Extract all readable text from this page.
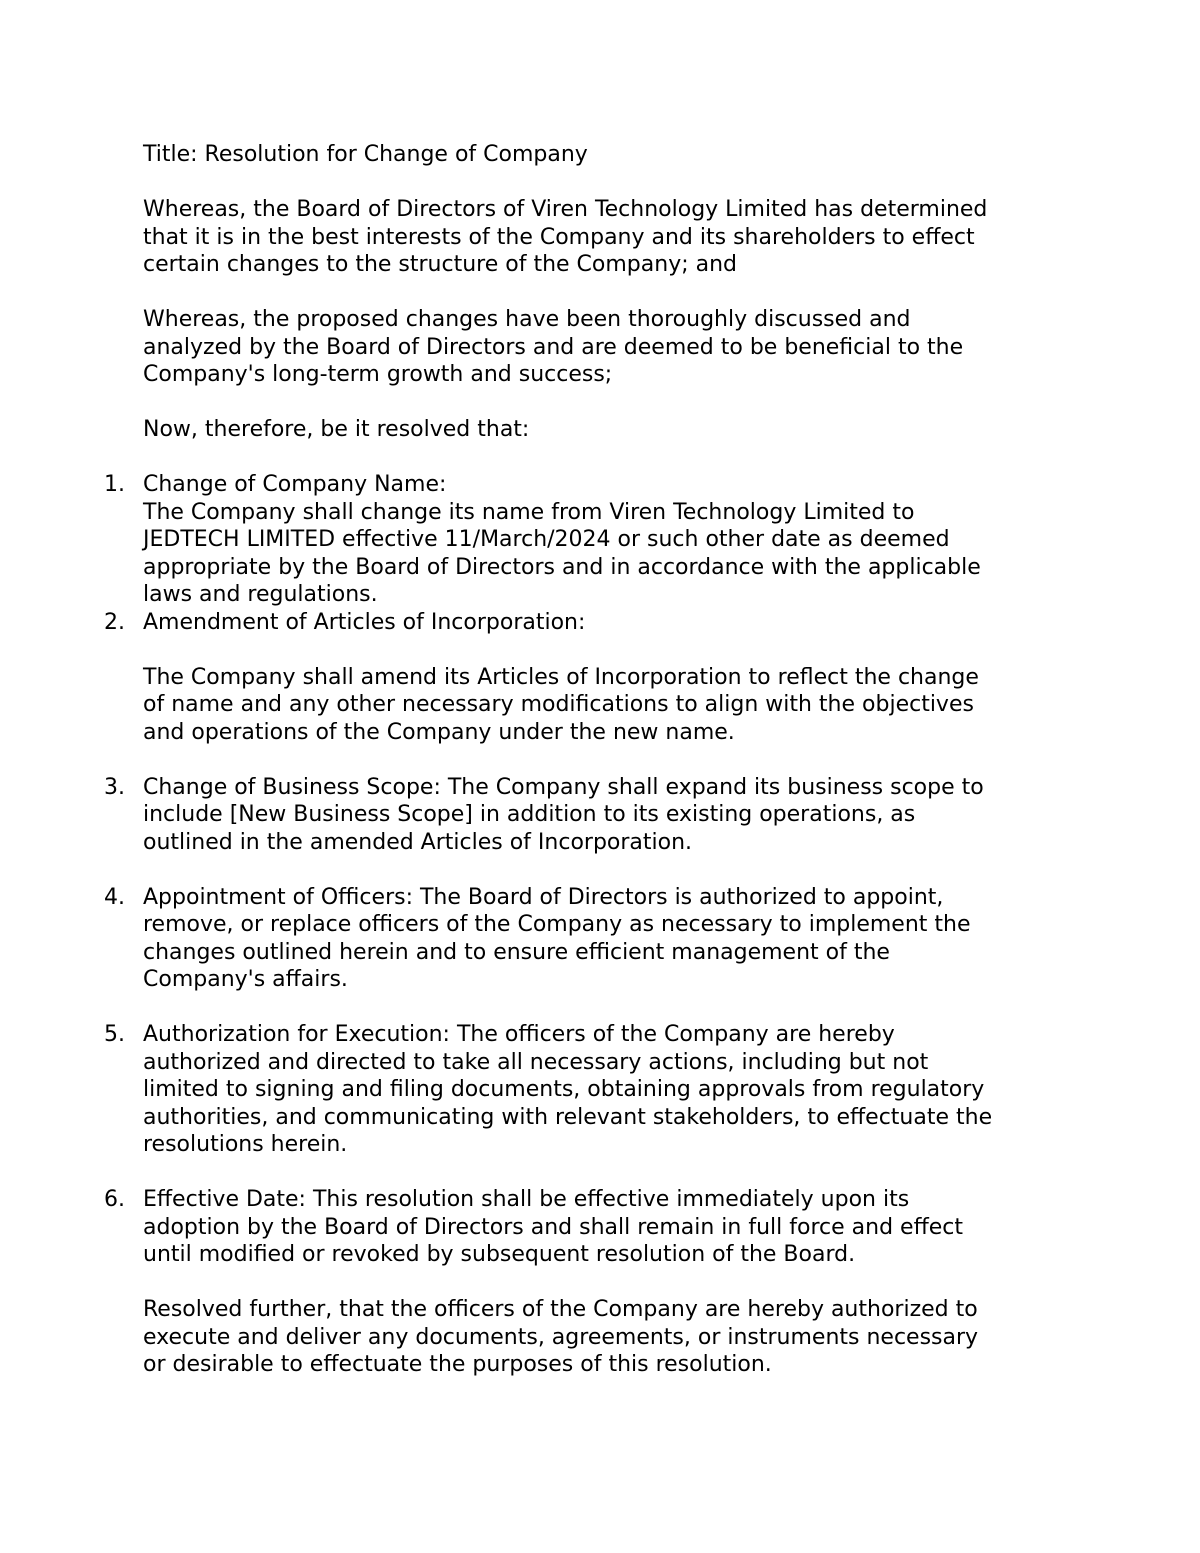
Title: Resolution for Change of Company
Whereas, the Board of Directors of Viren Technology Limited has determined
that it is in the best interests of the Company and its shareholders to effect
certain changes to the structure of the Company; and
Whereas, the proposed changes have been thoroughly discussed and
analyzed by the Board of Directors and are deemed to be beneficial to the
Company's long-term growth and success;
Now, therefore, be it resolved that:
1. Change of Company Name:
The Company shall change its name from Viren Technology Limited to
JEDTECH LIMITED effective 11/March/2024 or such other date as deemed
appropriate by the Board of Directors and in accordance with the applicable
laws and regulations.
2. Amendment of Articles of Incorporation:
The Company shall amend its Articles of Incorporation to reflect the change
of name and any other necessary modifications to align with the objectives
and operations of the Company under the new name.
3. Change of Business Scope: The Company shall expand its business scope to
include [New Business Scope] in addition to its existing operations, as
outlined in the amended Articles of Incorporation.
4. Appointment of Officers: The Board of Directors is authorized to appoint,
remove, or replace officers of the Company as necessary to implement the
changes outlined herein and to ensure efficient management of the
Company's affairs.
5. Authorization for Execution: The officers of the Company are hereby
authorized and directed to take all necessary actions, including but not
limited to signing and filing documents, obtaining approvals from regulatory
authorities, and communicating with relevant stakeholders, to effectuate the
resolutions herein.
6. Effective Date: This resolution shall be effective immediately upon its
adoption by the Board of Directors and shall remain in full force and effect
until modified or revoked by subsequent resolution of the Board.
Resolved further, that the officers of the Company are hereby authorized to
execute and deliver any documents, agreements, or instruments necessary
or desirable to effectuate the purposes of this resolution.
